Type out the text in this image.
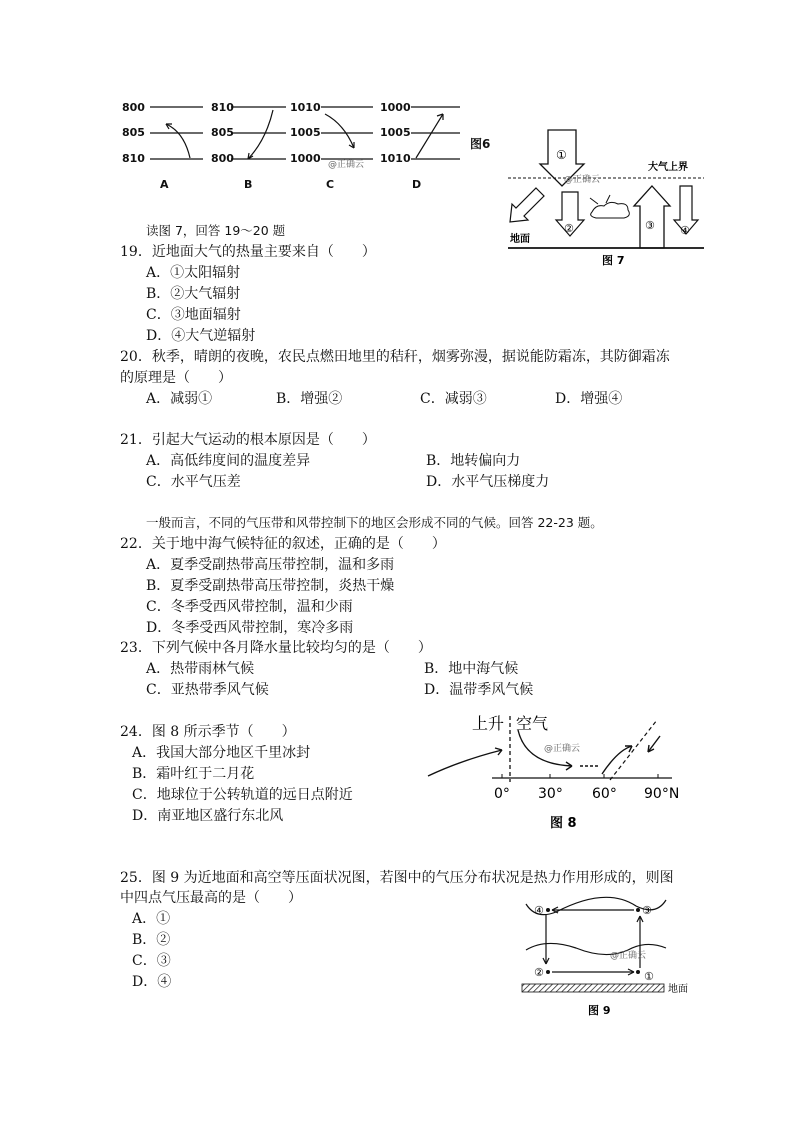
800
805
810
A
810
805
800
B
1010
1005
1000
C
1000
1005
1010
D
图6
@正确云
①
大气上界
@正确云
②	③ ④
地面
图 7
读图 7，回答 19～20 题
19．近地面大气的热量主要来自（　　）
A．①太阳辐射
B．②大气辐射
C．③地面辐射
D．④大气逆辐射
20．秋季，晴朗的夜晚，农民点燃田地里的秸秆，烟雾弥漫，据说能防霜冻，其防御霜冻
的原理是（　　）
A．减弱①	B．增强②	C．减弱③	D．增强④
21．引起大气运动的根本原因是（　　）
A．高低纬度间的温度差异	B．地转偏向力
C．水平气压差	D．水平气压梯度力
一般而言，不同的气压带和风带控制下的地区会形成不同的气候。回答 22-23 题。
22．关于地中海气候特征的叙述，正确的是（　　）
A．夏季受副热带高压带控制，温和多雨
B．夏季受副热带高压带控制，炎热干燥
C．冬季受西风带控制，温和少雨
D．冬季受西风带控制，寒冷多雨
23．下列气候中各月降水量比较均匀的是（　　）
A．热带雨林气候	B．地中海气候
C．亚热带季风气候	D．温带季风气候
24．图 8 所示季节（　　）
A．我国大部分地区千里冰封
B．霜叶红于二月花
C．地球位于公转轨道的远日点附近
D．南亚地区盛行东北风
上升 空气
@正确云
0° 30° 60° 90°N
图 8
25．图 9 为近地面和高空等压面状况图，若图中的气压分布状况是热力作用形成的，则图
中四点气压最高的是（　　）
A．①
B．②
C．③
D．④
④	③
②	①
@正确云
地面
图 9
